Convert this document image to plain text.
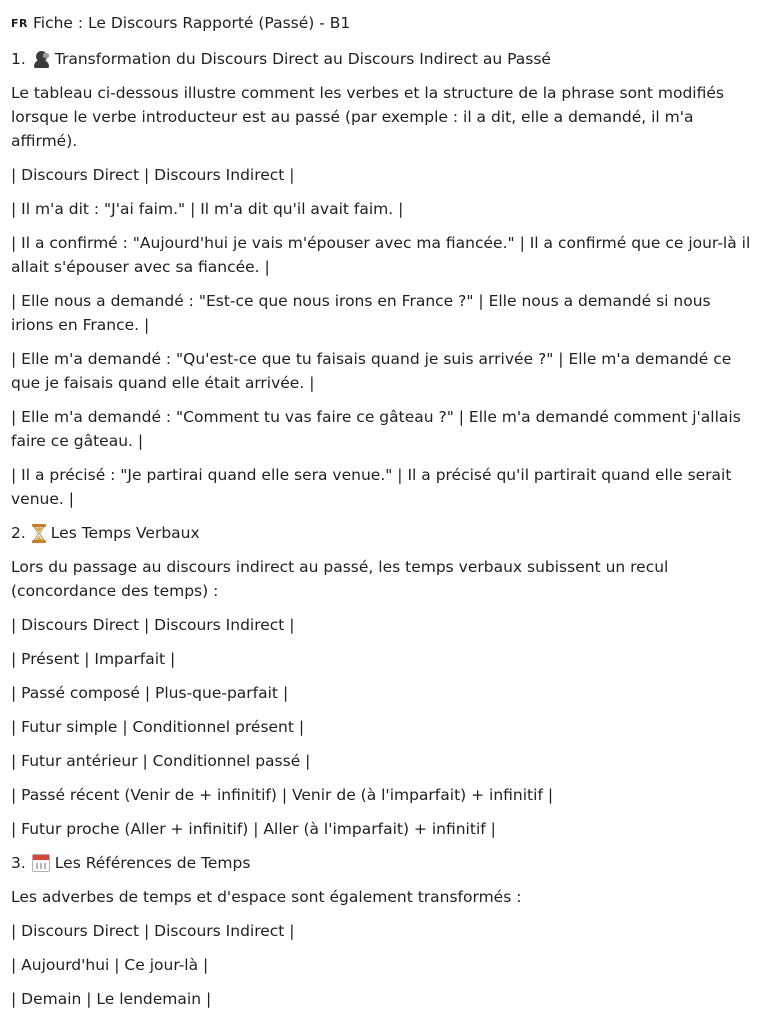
FR Fiche : Le Discours Rapporté (Passé) - B1
1. Transformation du Discours Direct au Discours Indirect au Passé

Le tableau ci-dessous illustre comment les verbes et la structure de la phrase sont modifiés lorsque le verbe introducteur est au passé (par exemple : il a dit, elle a demandé, il m'a affirmé).

| Discours Direct | Discours Indirect |

| Il m'a dit : "J'ai faim." | Il m'a dit qu'il avait faim. |

| Il a confirmé : "Aujourd'hui je vais m'épouser avec ma fiancée." | Il a confirmé que ce jour-là il allait s'épouser avec sa fiancée. |

| Elle nous a demandé : "Est-ce que nous irons en France ?" | Elle nous a demandé si nous irions en France. |

| Elle m'a demandé : "Qu'est-ce que tu faisais quand je suis arrivée ?" | Elle m'a demandé ce que je faisais quand elle était arrivée. |

| Elle m'a demandé : "Comment tu vas faire ce gâteau ?" | Elle m'a demandé comment j'allais faire ce gâteau. |

| Il a précisé : "Je partirai quand elle sera venue." | Il a précisé qu'il partirait quand elle serait venue. |

2. Les Temps Verbaux

Lors du passage au discours indirect au passé, les temps verbaux subissent un recul (concordance des temps) :

| Discours Direct | Discours Indirect |

| Présent | Imparfait |

| Passé composé | Plus-que-parfait |

| Futur simple | Conditionnel présent |

| Futur antérieur | Conditionnel passé |

| Passé récent (Venir de + infinitif) | Venir de (à l'imparfait) + infinitif |

| Futur proche (Aller + infinitif) | Aller (à l'imparfait) + infinitif |

3. Les Références de Temps

Les adverbes de temps et d'espace sont également transformés :

| Discours Direct | Discours Indirect |

| Aujourd'hui | Ce jour-là |

| Demain | Le lendemain |
